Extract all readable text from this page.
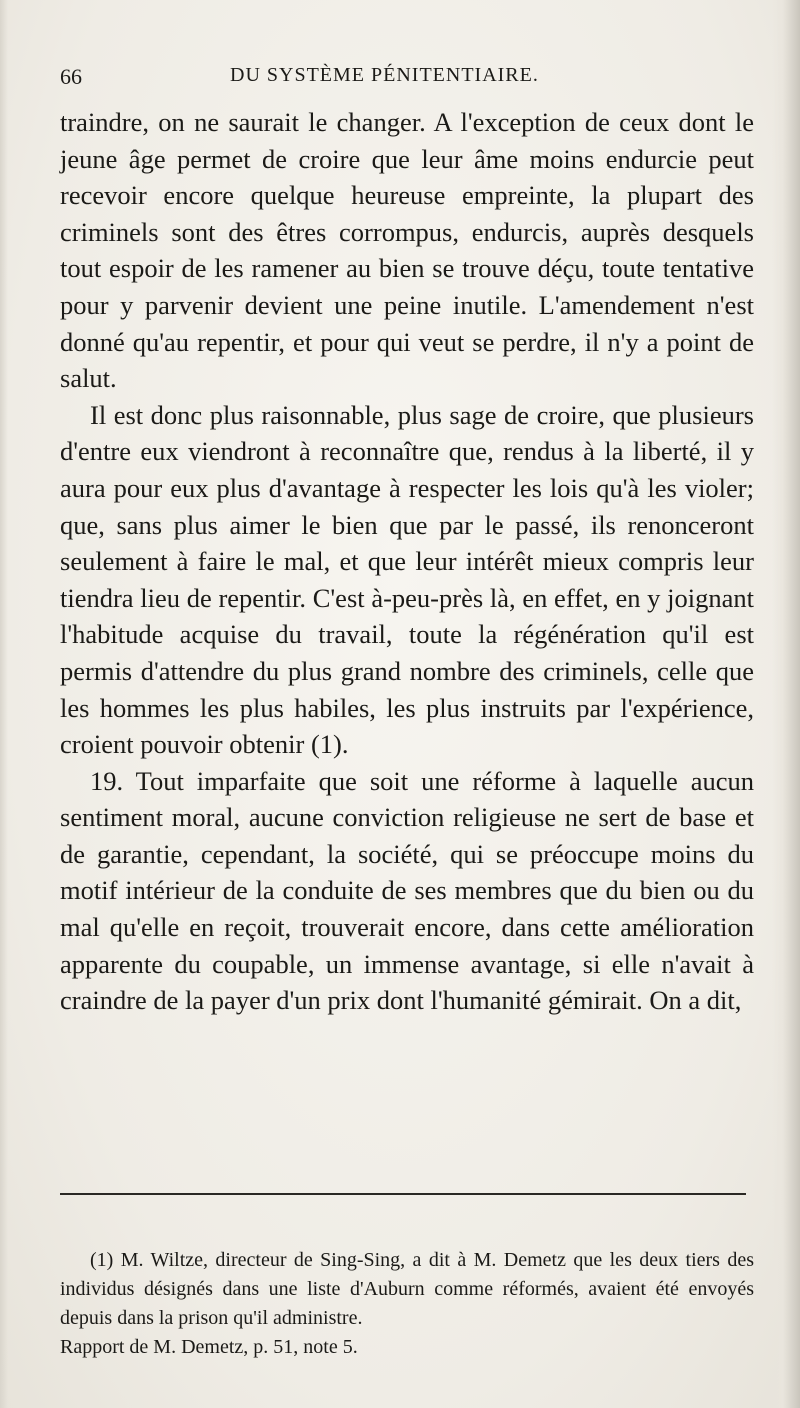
66	DU SYSTÈME PÉNITENTIAIRE.

traindre, on ne saurait le changer. A l'exception de ceux dont le jeune âge permet de croire que leur âme moins endurcie peut recevoir encore quelque heureuse empreinte, la plupart des criminels sont des êtres corrompus, endurcis, auprès desquels tout espoir de les ramener au bien se trouve déçu, toute tentative pour y parvenir devient une peine inutile. L'amendement n'est donné qu'au repentir, et pour qui veut se perdre, il n'y a point de salut.

Il est donc plus raisonnable, plus sage de croire, que plusieurs d'entre eux viendront à reconnaître que, rendus à la liberté, il y aura pour eux plus d'avantage à respecter les lois qu'à les violer; que, sans plus aimer le bien que par le passé, ils renonceront seulement à faire le mal, et que leur intérêt mieux compris leur tiendra lieu de repentir. C'est à-peu-près là, en effet, en y joignant l'habitude acquise du travail, toute la régénération qu'il est permis d'attendre du plus grand nombre des criminels, celle que les hommes les plus habiles, les plus instruits par l'expérience, croient pouvoir obtenir (1).

19. Tout imparfaite que soit une réforme à laquelle aucun sentiment moral, aucune conviction religieuse ne sert de base et de garantie, cependant, la société, qui se préoccupe moins du motif intérieur de la conduite de ses membres que du bien ou du mal qu'elle en reçoit, trouverait encore, dans cette amélioration apparente du coupable, un immense avantage, si elle n'avait à craindre de la payer d'un prix dont l'humanité gémirait. On a dit,

(1) M. Wiltze, directeur de Sing-Sing, a dit à M. Demetz que les deux tiers des individus désignés dans une liste d'Auburn comme réformés, avaient été envoyés depuis dans la prison qu'il administre.

Rapport de M. Demetz, p. 51, note 5.
